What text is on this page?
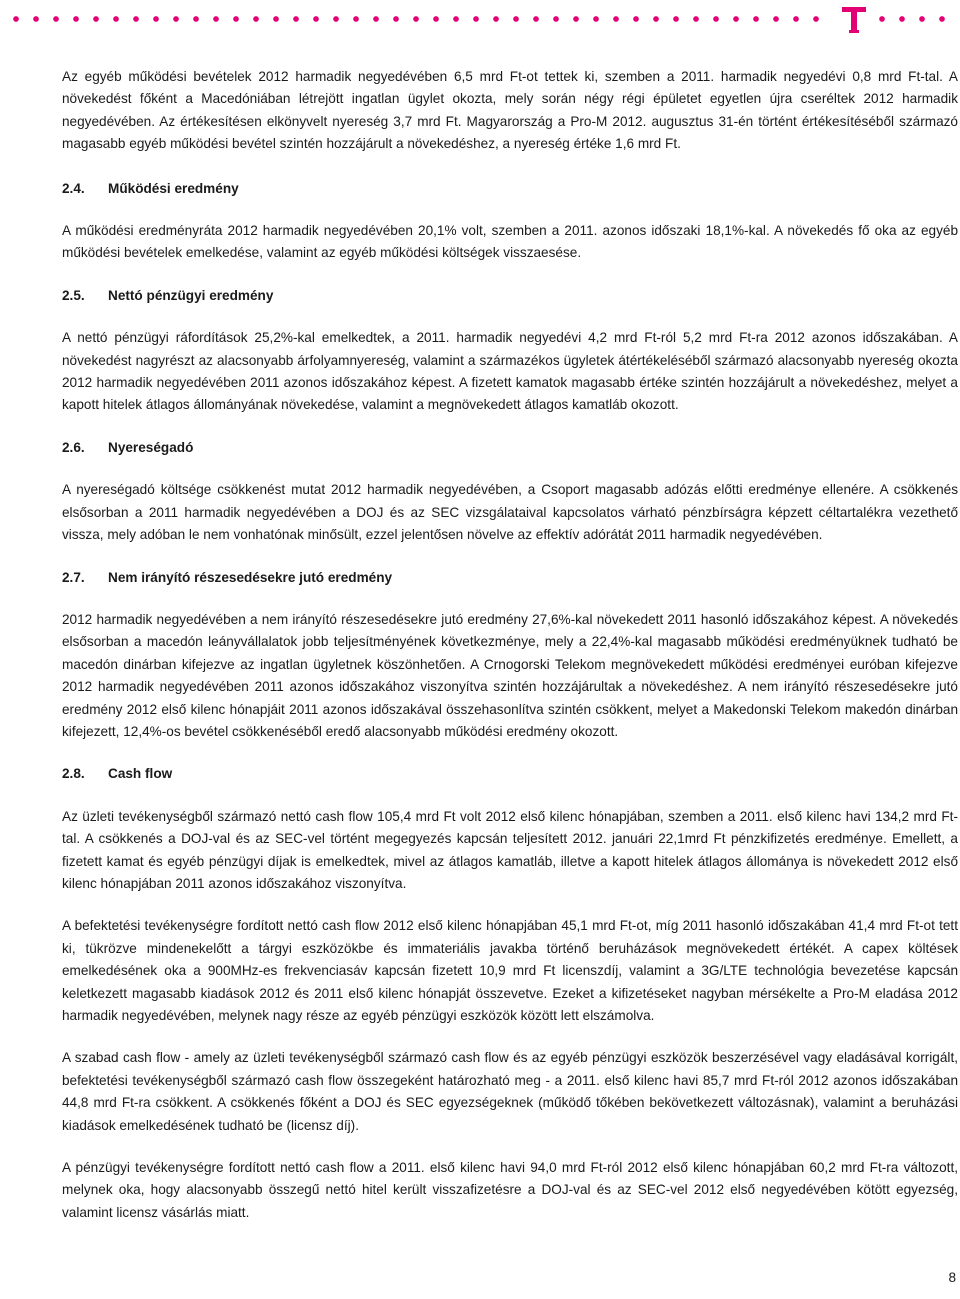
Az egyéb működési bevételek 2012 harmadik negyedévében 6,5 mrd Ft-ot tettek ki, szemben a 2011. harmadik negyedévi 0,8 mrd Ft-tal. A növekedést főként a Macedóniában létrejött ingatlan ügylet okozta, mely során négy régi épületet egyetlen újra cseréltek 2012 harmadik negyedévében. Az értékesítésen elkönyvelt nyereség 3,7 mrd Ft. Magyarország a Pro-M 2012. augusztus 31-én történt értékesítéséből származó magasabb egyéb működési bevétel szintén hozzájárult a növekedéshez, a nyereség értéke 1,6 mrd Ft.

2.4. Működési eredmény

A működési eredményráta 2012 harmadik negyedévében 20,1% volt, szemben a 2011. azonos időszaki 18,1%-kal. A növekedés fő oka az egyéb működési bevételek emelkedése, valamint az egyéb működési költségek visszaesése.

2.5. Nettó pénzügyi eredmény

A nettó pénzügyi ráfordítások 25,2%-kal emelkedtek, a 2011. harmadik negyedévi 4,2 mrd Ft-ról 5,2 mrd Ft-ra 2012 azonos időszakában. A növekedést nagyrészt az alacsonyabb árfolyamnyereség, valamint a származékos ügyletek átértékeléséből származó alacsonyabb nyereség okozta 2012 harmadik negyedévében 2011 azonos időszakához képest. A fizetett kamatok magasabb értéke szintén hozzájárult a növekedéshez, melyet a kapott hitelek átlagos állományának növekedése, valamint a megnövekedett átlagos kamatláb okozott.

2.6. Nyereségadó

A nyereségadó költsége csökkenést mutat 2012 harmadik negyedévében, a Csoport magasabb adózás előtti eredménye ellenére. A csökkenés elsősorban a 2011 harmadik negyedévében a DOJ és az SEC vizsgálataival kapcsolatos várható pénzbírságra képzett céltartalékra vezethető vissza, mely adóban le nem vonhatónak minősült, ezzel jelentősen növelve az effektív adórátát 2011 harmadik negyedévében.

2.7. Nem irányító részesedésekre jutó eredmény

2012 harmadik negyedévében a nem irányító részesedésekre jutó eredmény 27,6%-kal növekedett 2011 hasonló időszakához képest. A növekedés elsősorban a macedón leányvállalatok jobb teljesítményének következménye, mely a 22,4%-kal magasabb működési eredményüknek tudható be macedón dinárban kifejezve az ingatlan ügyletnek köszönhetően. A Crnogorski Telekom megnövekedett működési eredményei euróban kifejezve 2012 harmadik negyedévében 2011 azonos időszakához viszonyítva szintén hozzájárultak a növekedéshez. A nem irányító részesedésekre jutó eredmény 2012 első kilenc hónapjáit 2011 azonos időszakával összehasonlítva szintén csökkent, melyet a Makedonski Telekom makedón dinárban kifejezett, 12,4%-os bevétel csökkenéséből eredő alacsonyabb működési eredmény okozott.

2.8. Cash flow

Az üzleti tevékenységből származó nettó cash flow 105,4 mrd Ft volt 2012 első kilenc hónapjában, szemben a 2011. első kilenc havi 134,2 mrd Ft-tal. A csökkenés a DOJ-val és az SEC-vel történt megegyezés kapcsán teljesített 2012. januári 22,1mrd Ft pénzkifizetés eredménye. Emellett, a fizetett kamat és egyéb pénzügyi díjak is emelkedtek, mivel az átlagos kamatláb, illetve a kapott hitelek átlagos állománya is növekedett 2012 első kilenc hónapjában 2011 azonos időszakához viszonyítva.

A befektetési tevékenységre fordított nettó cash flow 2012 első kilenc hónapjában 45,1 mrd Ft-ot, míg 2011 hasonló időszakában 41,4 mrd Ft-ot tett ki, tükrözve mindenekelőtt a tárgyi eszközökbe és immateriális javakba történő beruházások megnövekedett értékét. A capex költések emelkedésének oka a 900MHz-es frekvenciasáv kapcsán fizetett 10,9 mrd Ft licenszdíj, valamint a 3G/LTE technológia bevezetése kapcsán keletkezett magasabb kiadások 2012 és 2011 első kilenc hónapját összevetve. Ezeket a kifizetéseket nagyban mérsékelte a Pro-M eladása 2012 harmadik negyedévében, melynek nagy része az egyéb pénzügyi eszközök között lett elszámolva.

A szabad cash flow - amely az üzleti tevékenységből származó cash flow és az egyéb pénzügyi eszközök beszerzésével vagy eladásával korrigált, befektetési tevékenységből származó cash flow összegeként határozható meg - a 2011. első kilenc havi 85,7 mrd Ft-ról 2012 azonos időszakában 44,8 mrd Ft-ra csökkent. A csökkenés főként a DOJ és SEC egyezségeknek (működő tőkében bekövetkezett változásnak), valamint a beruházási kiadások emelkedésének tudható be (licensz díj).

A pénzügyi tevékenységre fordított nettó cash flow a 2011. első kilenc havi 94,0 mrd Ft-ról 2012 első kilenc hónapjában 60,2 mrd Ft-ra változott, melynek oka, hogy alacsonyabb összegű nettó hitel került visszafizetésre a DOJ-val és az SEC-vel 2012 első negyedévében kötött egyezség, valamint licensz vásárlás miatt.

8
